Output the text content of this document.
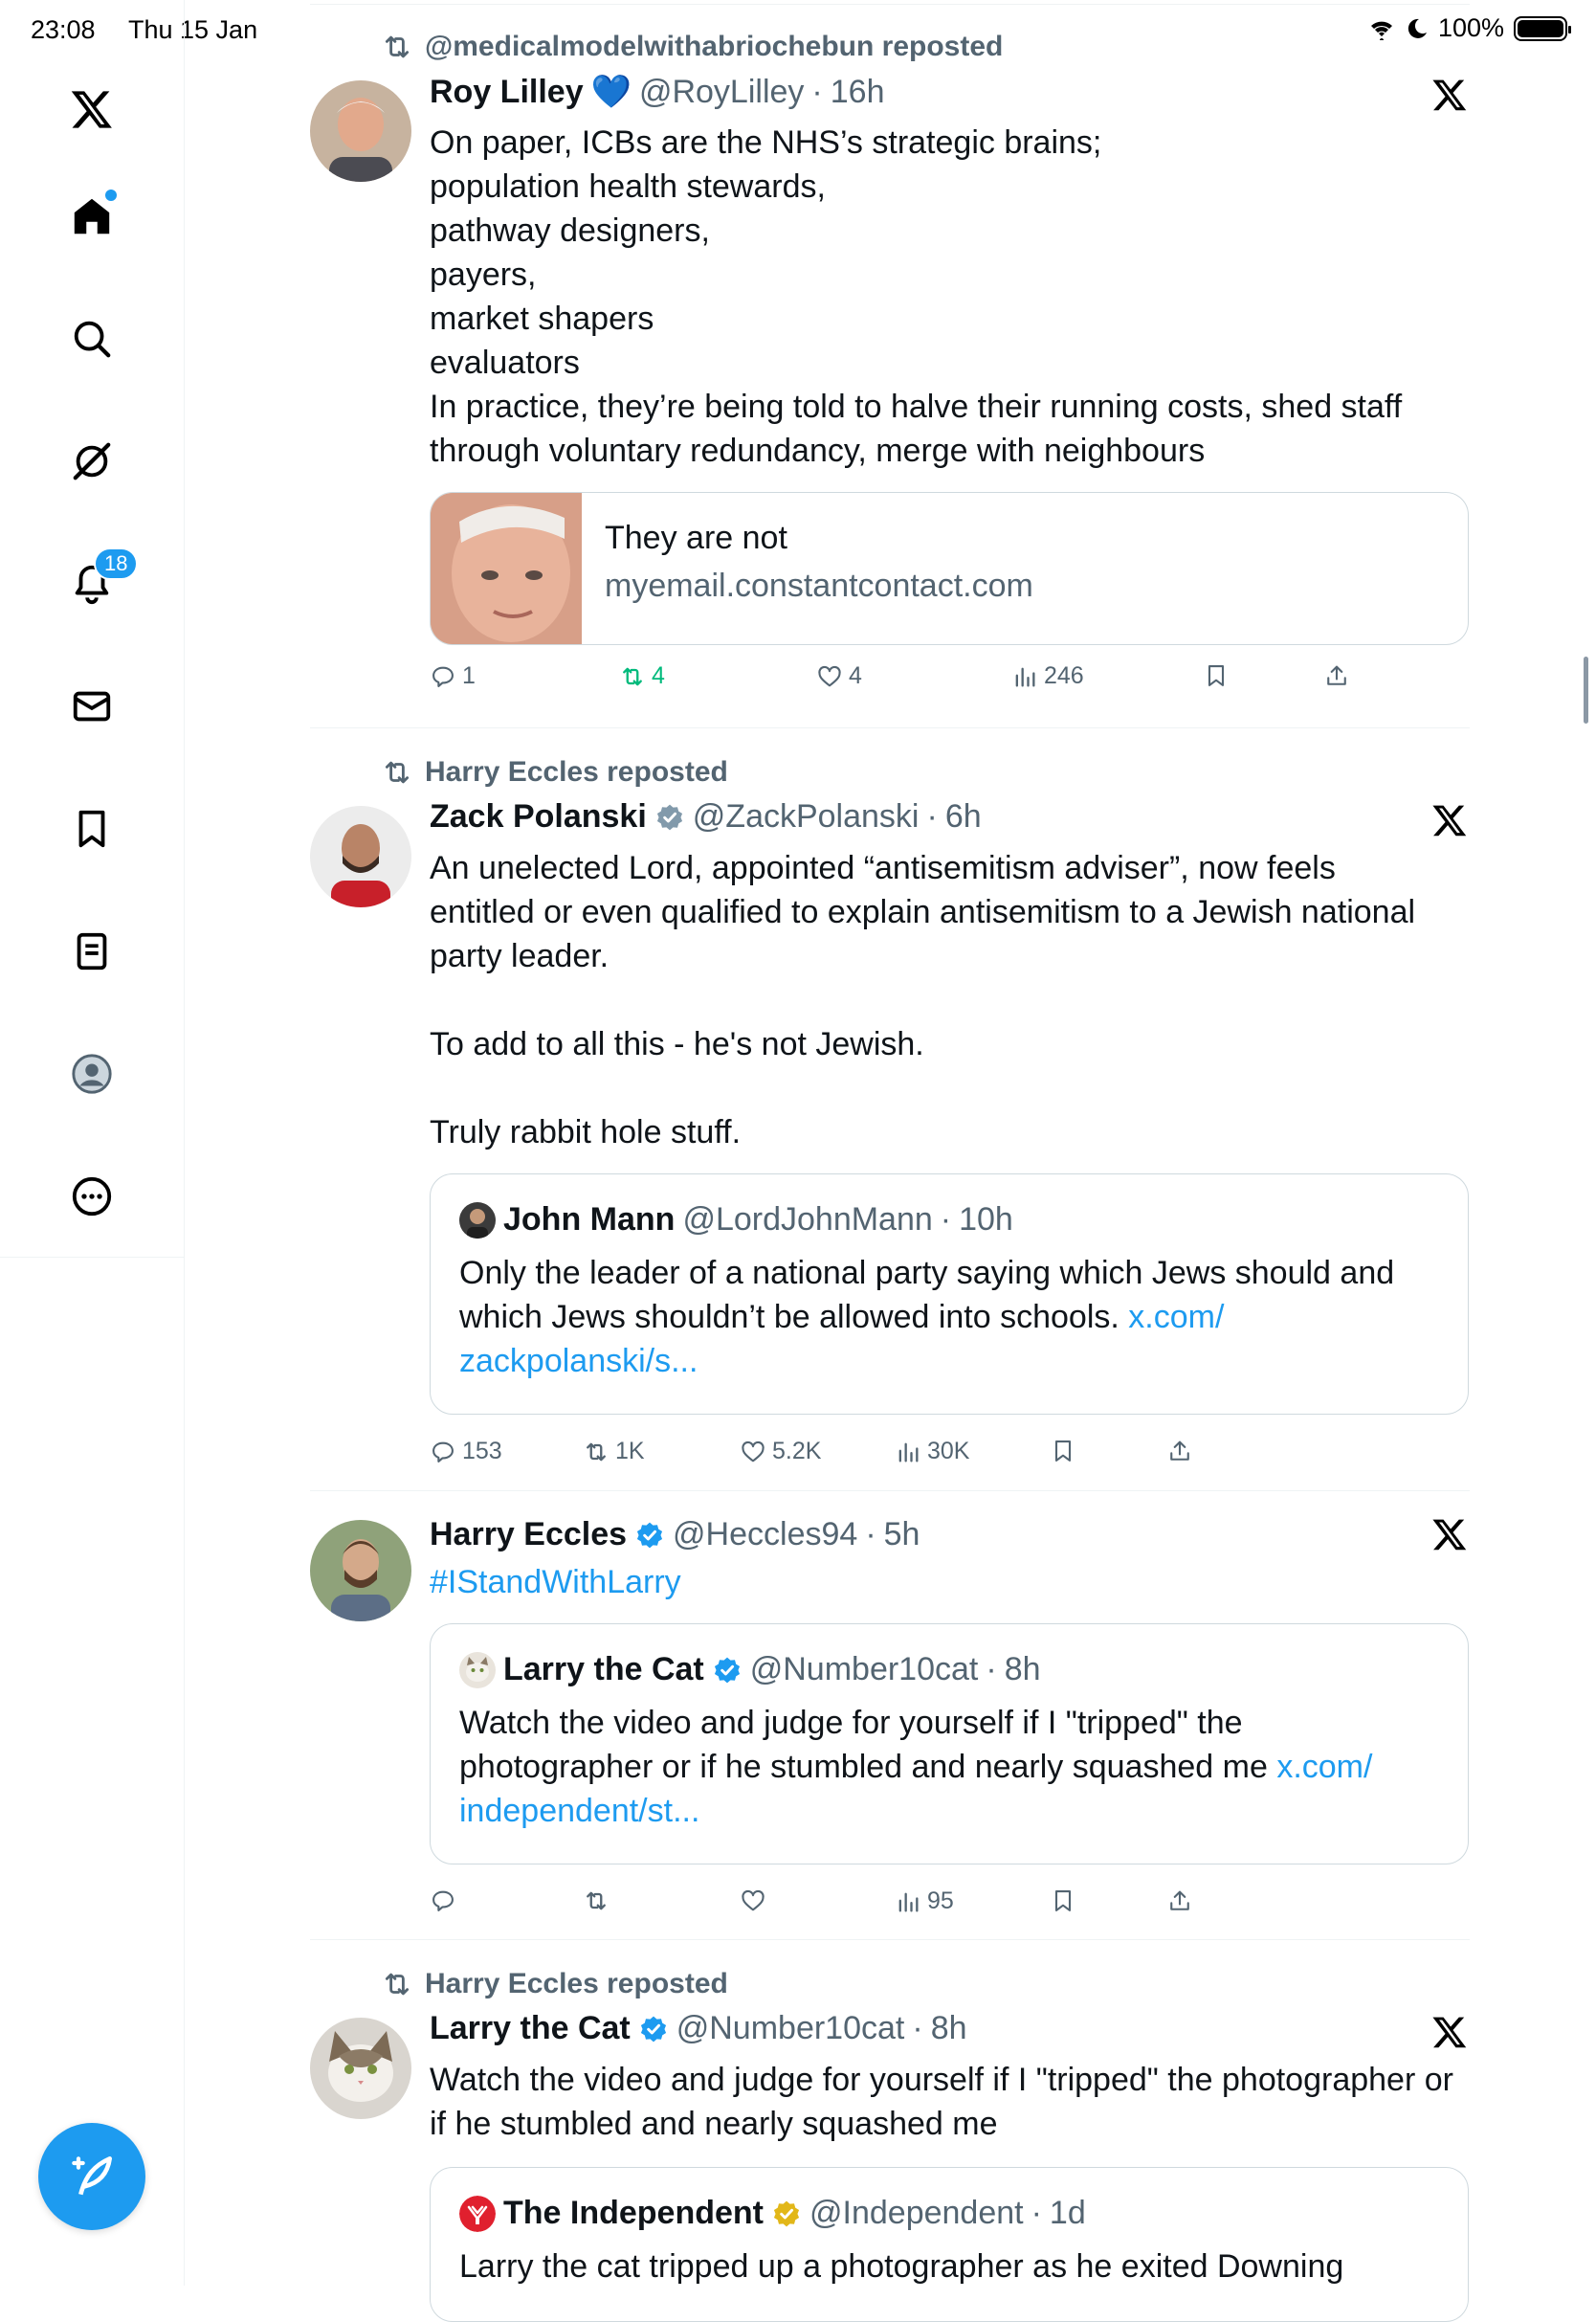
23:08 Thu 15 Jan	100%
18
@medicalmodelwithabriochebun reposted
Roy Lilley 💙 @RoyLilley · 16h
On paper, ICBs are the NHS’s strategic brains;
population health stewards,
pathway designers,
payers,
market shapers
evaluators
In practice, they’re being told to halve their running costs, shed staff
through voluntary redundancy, merge with neighbours
They are not
myemail.constantcontact.com
1	4	4	246
Harry Eccles reposted
Zack Polanski @ZackPolanski · 6h
An unelected Lord, appointed “antisemitism adviser”, now feels
entitled or even qualified to explain antisemitism to a Jewish national
party leader.
To add to all this - he's not Jewish.
Truly rabbit hole stuff.
John Mann @LordJohnMann · 10h
Only the leader of a national party saying which Jews should and
which Jews shouldn’t be allowed into schools. x.com/
zackpolanski/s...
153	1K	5.2K	30K
Harry Eccles @Heccles94 · 5h
#IStandWithLarry
Larry the Cat @Number10cat · 8h
Watch the video and judge for yourself if I "tripped" the
photographer or if he stumbled and nearly squashed me x.com/
independent/st...
95
Harry Eccles reposted
Larry the Cat @Number10cat · 8h
Watch the video and judge for yourself if I "tripped" the photographer or
if he stumbled and nearly squashed me
The Independent @Independent · 1d
Larry the cat tripped up a photographer as he exited Downing
